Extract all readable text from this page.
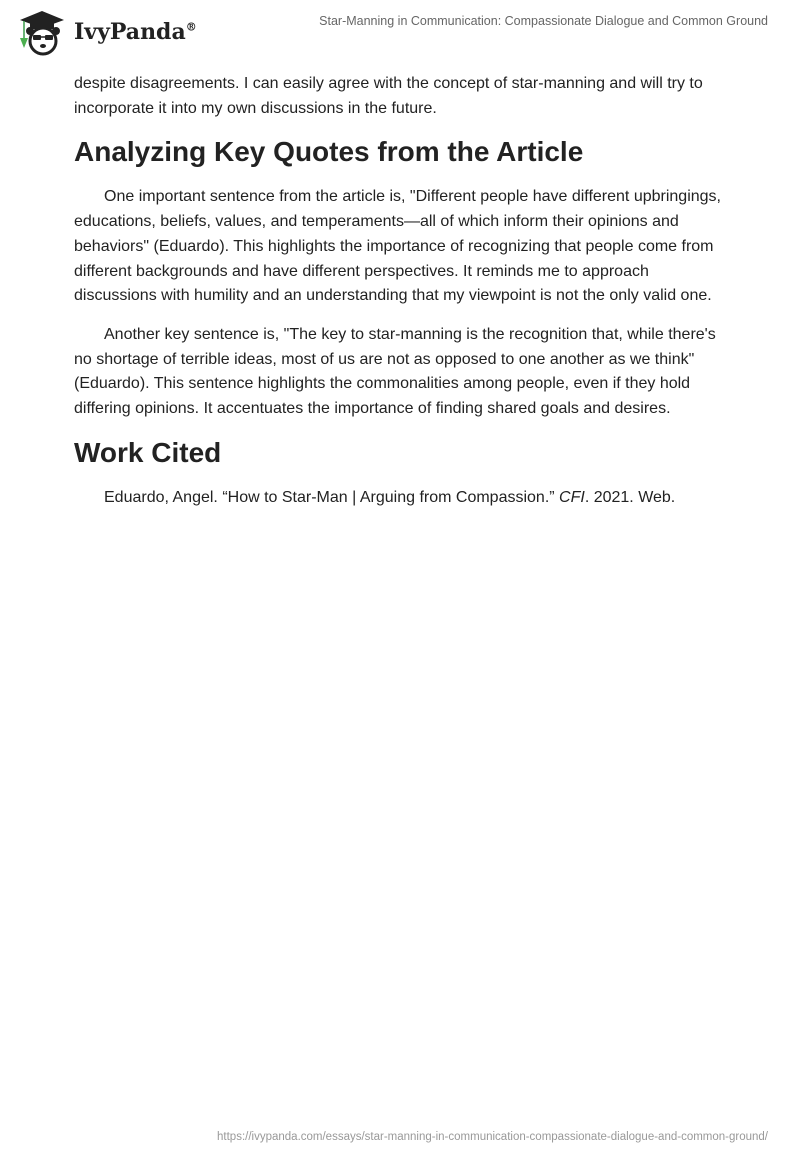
IvyPanda®	Star-Manning in Communication: Compassionate Dialogue and Common Ground

despite disagreements. I can easily agree with the concept of star-manning and will try to incorporate it into my own discussions in the future.

Analyzing Key Quotes from the Article

One important sentence from the article is, "Different people have different upbringings, educations, beliefs, values, and temperaments—all of which inform their opinions and behaviors" (Eduardo). This highlights the importance of recognizing that people come from different backgrounds and have different perspectives. It reminds me to approach discussions with humility and an understanding that my viewpoint is not the only valid one.

Another key sentence is, "The key to star-manning is the recognition that, while there's no shortage of terrible ideas, most of us are not as opposed to one another as we think" (Eduardo). This sentence highlights the commonalities among people, even if they hold differing opinions. It accentuates the importance of finding shared goals and desires.

Work Cited

Eduardo, Angel. “How to Star-Man | Arguing from Compassion.” CFI. 2021. Web.

https://ivypanda.com/essays/star-manning-in-communication-compassionate-dialogue-and-common-ground/
